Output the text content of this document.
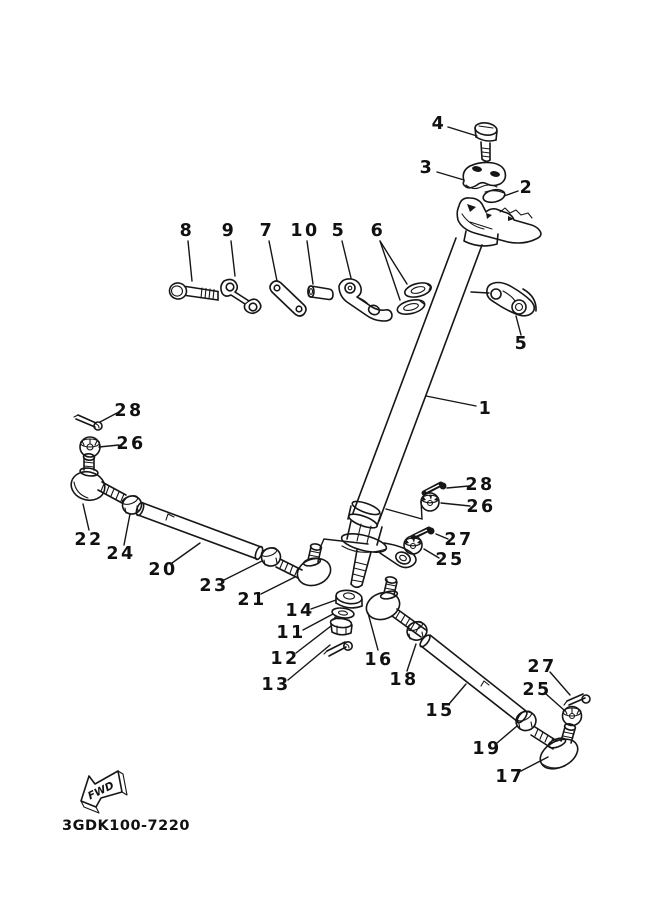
FWD
3GDK100-7220
4
3
2
8 9 7 10 5 6
5
1
28
26
22
24
20
23
21
14
11
12
13
16
18
15
19
17
27
25
28
26
27
25
